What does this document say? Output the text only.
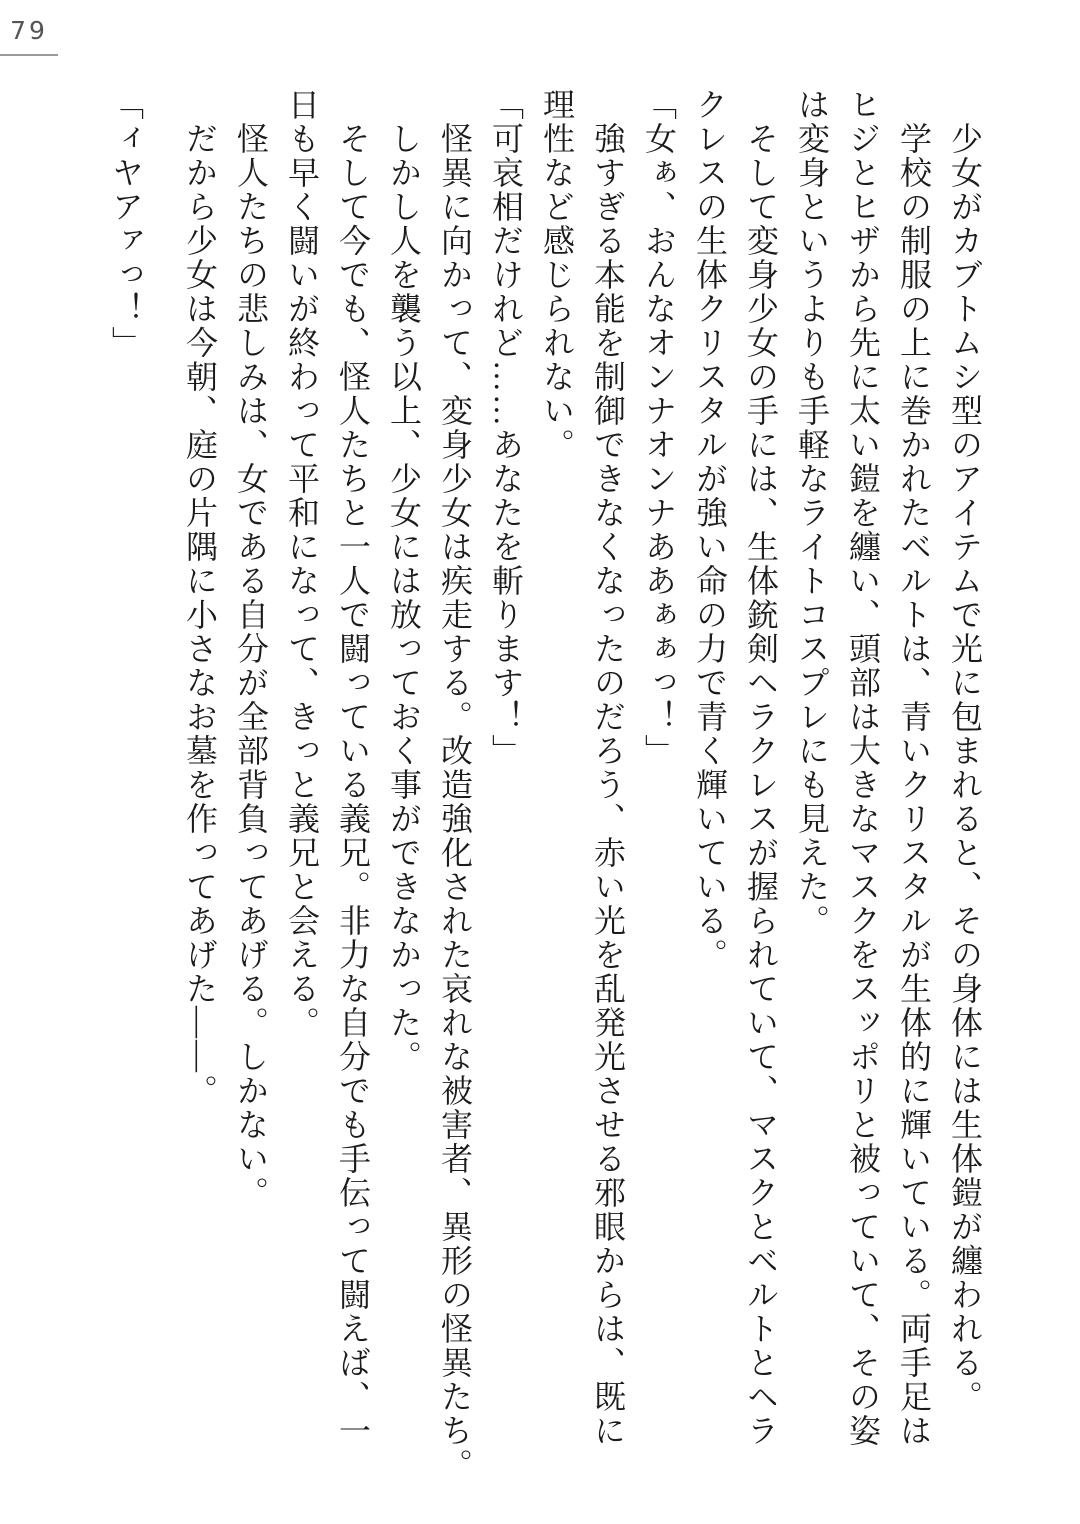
79
少女がカブトムシ型のアイテムで光に包まれると、その身体には生体鎧が纏われる。
学校の制服の上に巻かれたベルトは、青いクリスタルが生体的に輝いている。両手足は
ヒジとヒザから先に太い鎧を纏い、頭部は大きなマスクをスッポリと被っていて、その姿
は変身というよりも手軽なライトコスプレにも見えた。
そして変身少女の手には、生体銃剣ヘラクレスが握られていて、マスクとベルトとヘラ
クレスの生体クリスタルが強い命の力で青く輝いている。
「女ぁ、おんなオンナオンナああぁぁっ！」
強すぎる本能を制御できなくなったのだろう、赤い光を乱発光させる邪眼からは、既に
理性など感じられない。
「可哀相だけれど……あなたを斬ります！」
怪異に向かって、変身少女は疾走する。改造強化された哀れな被害者、異形の怪異たち。
しかし人を襲う以上、少女には放っておく事ができなかった。
そして今でも、怪人たちと一人で闘っている義兄。非力な自分でも手伝って闘えば、一
日も早く闘いが終わって平和になって、きっと義兄と会える。
怪人たちの悲しみは、女である自分が全部背負ってあげる。しかない。
だから少女は今朝、庭の片隅に小さなお墓を作ってあげた――。
「ィヤアァっ！」
